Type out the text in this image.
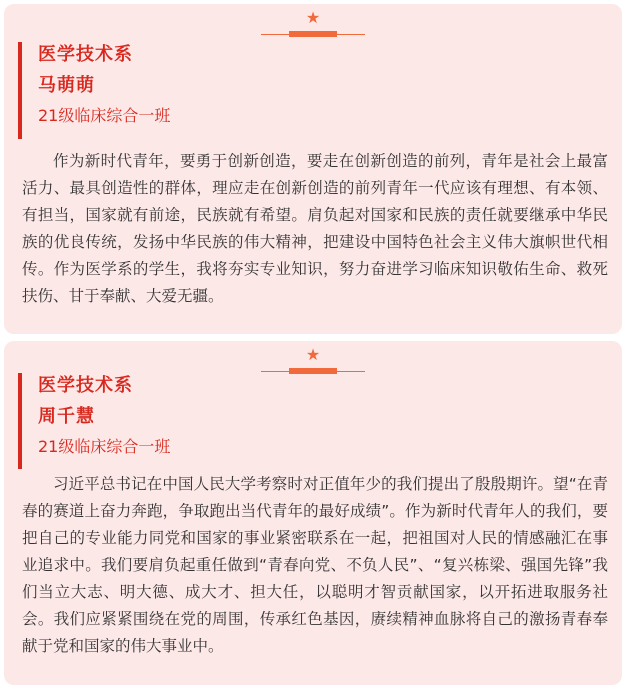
★

医学技术系

马萌萌

21级临床综合一班

作为新时代青年，要勇于创新创造，要走在创新创造的前列，青年是社会上最富活力、最具创造性的群体，理应走在创新创造的前列青年一代应该有理想、有本领、有担当，国家就有前途，民族就有希望。肩负起对国家和民族的责任就要继承中华民族的优良传统，发扬中华民族的伟大精神，把建设中国特色社会主义伟大旗帜世代相传。作为医学系的学生，我将夯实专业知识，努力奋进学习临床知识敬佑生命、救死扶伤、甘于奉献、大爱无疆。

★

医学技术系

周千慧

21级临床综合一班

习近平总书记在中国人民大学考察时对正值年少的我们提出了殷殷期许。望“在青春的赛道上奋力奔跑，争取跑出当代青年的最好成绩”。作为新时代青年人的我们，要把自己的专业能力同党和国家的事业紧密联系在一起，把祖国对人民的情感融汇在事业追求中。我们要肩负起重任做到“青春向党、不负人民”、“复兴栋梁、强国先锋”我们当立大志、明大德、成大才、担大任，以聪明才智贡献国家，以开拓进取服务社会。我们应紧紧围绕在党的周围，传承红色基因，赓续精神血脉将自己的激扬青春奉献于党和国家的伟大事业中。
